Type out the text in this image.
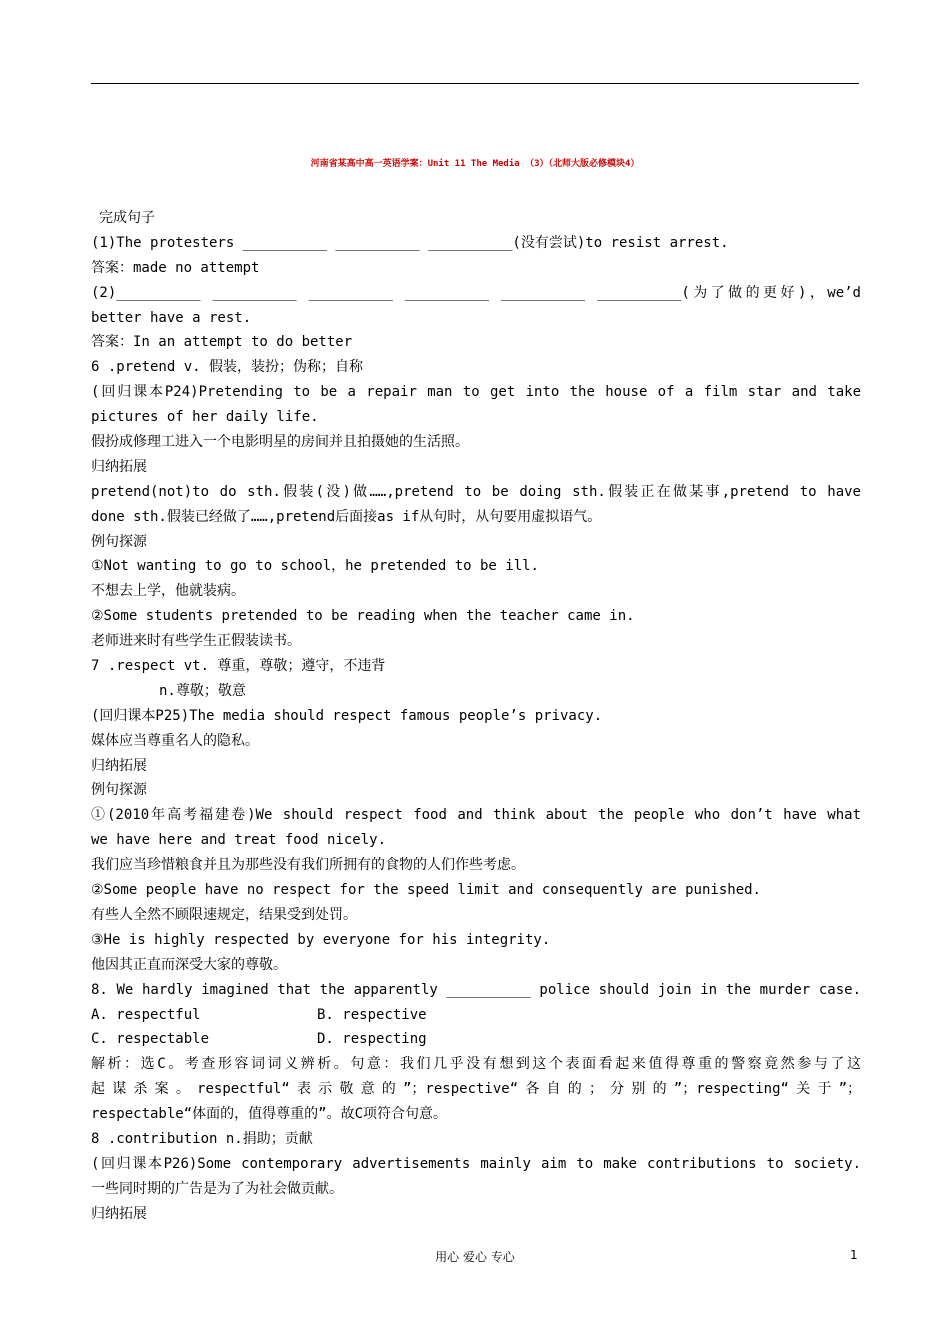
河南省某高中高一英语学案：Unit 11 The Media （3）（北师大版必修模块4）
完成句子
(1)The protesters __________ __________ __________(没有尝试)to resist arrest.
答案：made no attempt
(2)__________ __________ __________ __________ __________ __________(为了做的更好)，we’d
better have a rest.
答案：In an attempt to do better
6 .pretend v. 假装，装扮；伪称；自称
(回归课本P24)Pretending to be a repair man to get into the house of a film star and take
pictures of her daily life.
假扮成修理工进入一个电影明星的房间并且拍摄她的生活照。
归纳拓展
pretend(not)to do sth.假装(没)做……,pretend to be doing sth.假装正在做某事,pretend to have
done sth.假装已经做了……,pretend后面接as if从句时，从句要用虚拟语气。
例句探源
①Not wanting to go to school，he pretended to be ill.
不想去上学，他就装病。
②Some students pretended to be reading when the teacher came in.
老师进来时有些学生正假装读书。
7 .respect vt. 尊重，尊敬；遵守，不违背
n.尊敬；敬意
(回归课本P25)The media should respect famous people’s privacy.
媒体应当尊重名人的隐私。
归纳拓展
例句探源
①(2010年高考福建卷)We should respect food and think about the people who don’t have what
we have here and treat food nicely.
我们应当珍惜粮食并且为那些没有我们所拥有的食物的人们作些考虑。
②Some people have no respect for the speed limit and consequently are punished.
有些人全然不顾限速规定，结果受到处罚。
③He is highly respected by everyone for his integrity.
他因其正直而深受大家的尊敬。
8. We hardly imagined that the apparently __________ police should join in the murder case.
A. respectful	B. respective
C. respectable	D. respecting
解析：选C。考查形容词词义辨析。句意：我们几乎没有想到这个表面看起来值得尊重的警察竟然参与了这
起谋杀案。respectful“表示敬意的”；respective“各自的；分别的”；respecting“关于”；
respectable“体面的，值得尊重的”。故C项符合句意。
8 .contribution n.捐助；贡献
(回归课本P26)Some contemporary advertisements mainly aim to make contributions to society.
一些同时期的广告是为了为社会做贡献。
归纳拓展
用心 爱心 专心	1
